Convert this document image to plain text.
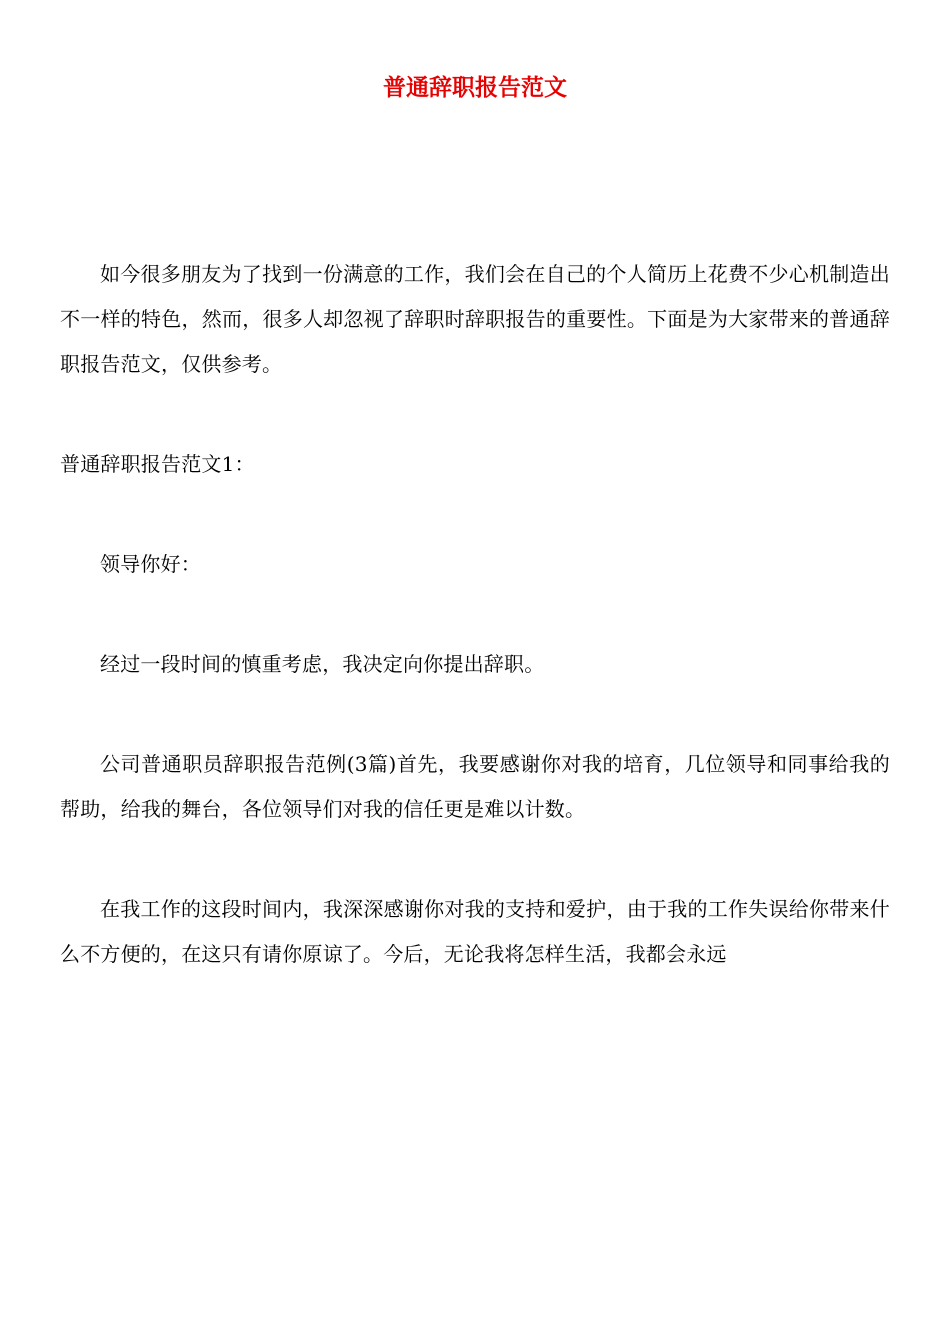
普通辞职报告范文

如今很多朋友为了找到一份满意的工作，我们会在自己的个人简历上花费不少心机制造出不一样的特色，然而，很多人却忽视了辞职时辞职报告的重要性。下面是为大家带来的普通辞职报告范文，仅供参考。

普通辞职报告范文1：

领导你好：

经过一段时间的慎重考虑，我决定向你提出辞职。

公司普通职员辞职报告范例(3篇)首先，我要感谢你对我的培育，几位领导和同事给我的帮助，给我的舞台，各位领导们对我的信任更是难以计数。

在我工作的这段时间内，我深深感谢你对我的支持和爱护，由于我的工作失误给你带来什么不方便的，在这只有请你原谅了。今后，无论我将怎样生活，我都会永远
